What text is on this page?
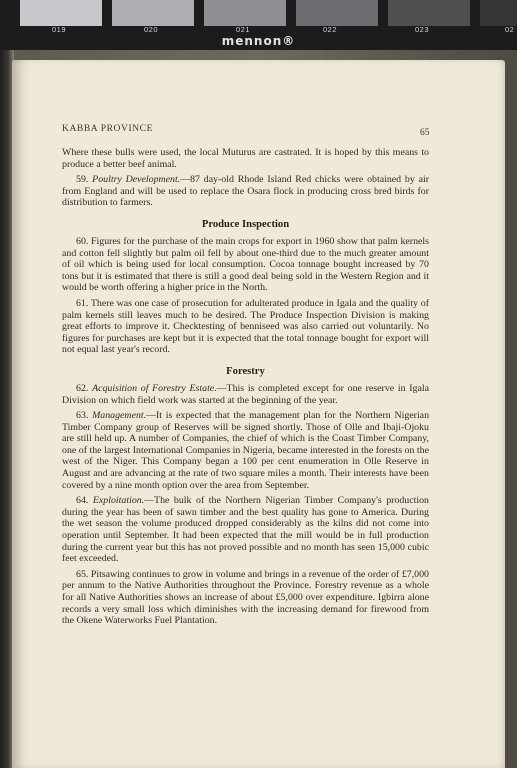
019	020	021	022	023	02
mennon®
KABBA PROVINCE	65

Where these bulls were used, the local Muturus are castrated. It is hoped by this means to produce a better beef animal.

59. Poultry Development.—87 day-old Rhode Island Red chicks were obtained by air from England and will be used to replace the Osara flock in producing cross bred birds for distribution to farmers.

Produce Inspection

60. Figures for the purchase of the main crops for export in 1960 show that palm kernels and cotton fell slightly but palm oil fell by about one-third due to the much greater amount of oil which is being used for local consumption. Cocoa tonnage bought increased by 70 tons but it is estimated that there is still a good deal being sold in the Western Region and it would be worth offering a higher price in the North.

61. There was one case of prosecution for adulterated produce in Igala and the quality of palm kernels still leaves much to be desired. The Produce Inspection Division is making great efforts to improve it. Checktesting of benniseed was also carried out voluntarily. No figures for purchases are kept but it is expected that the total tonnage bought for export will not equal last year's record.

Forestry

62. Acquisition of Forestry Estate.—This is completed except for one reserve in Igala Division on which field work was started at the beginning of the year.

63. Management.—It is expected that the management plan for the Northern Nigerian Timber Company group of Reserves will be signed shortly. Those of Olle and Ibaji-Ojoku are still held up. A number of Companies, the chief of which is the Coast Timber Company, one of the largest International Companies in Nigeria, became interested in the forests on the west of the Niger. This Company began a 100 per cent enumeration in Olle Reserve in August and are advancing at the rate of two square miles a month. Their interests have been covered by a nine month option over the area from September.

64. Exploitation.—The bulk of the Northern Nigerian Timber Company's production during the year has been of sawn timber and the best quality has gone to America. During the wet season the volume produced dropped considerably as the kilns did not come into operation until September. It had been expected that the mill would be in full production during the current year but this has not proved possible and no month has seen 15,000 cubic feet exceeded.

65. Pitsawing continues to grow in volume and brings in a revenue of the order of £7,000 per annum to the Native Authorities throughout the Province. Forestry revenue as a whole for all Native Authorities shows an increase of about £5,000 over expenditure. Igbirra alone records a very small loss which diminishes with the increasing demand for firewood from the Okene Waterworks Fuel Plantation.
